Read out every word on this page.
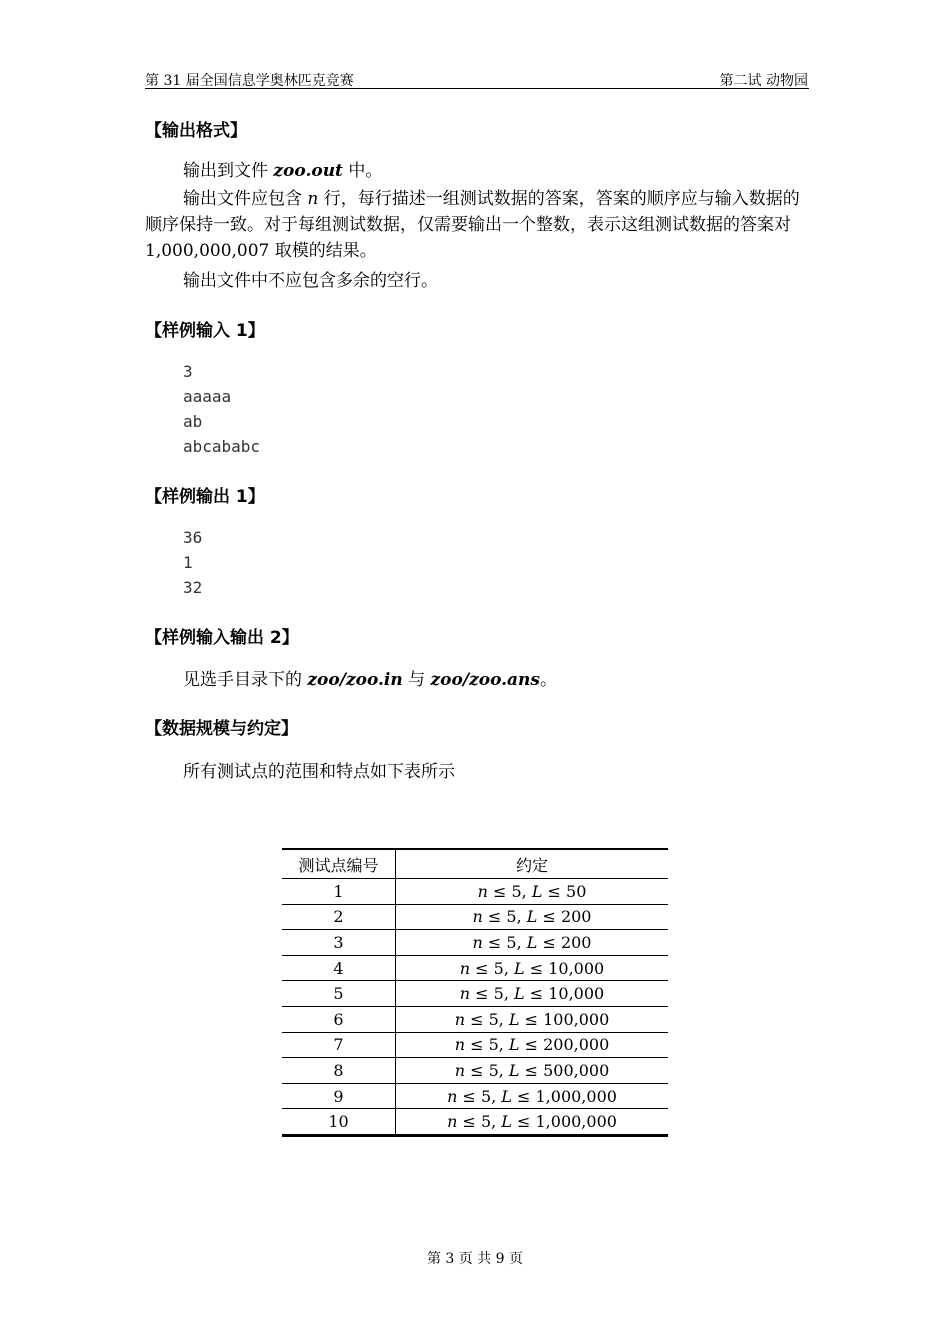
第 31 届全国信息学奥林匹克竞赛	第二试 动物园
【输出格式】
输出到文件 zoo.out 中。
输出文件应包含 𝑛 行，每行描述一组测试数据的答案，答案的顺序应与输入数据的顺序保持一致。对于每组测试数据，仅需要输出一个整数，表示这组测试数据的答案对 1,000,000,007 取模的结果。
输出文件中不应包含多余的空行。
【样例输入 1】
3
aaaaa
ab
abcababc
【样例输出 1】
36
1
32
【样例输入输出 2】
见选手目录下的 zoo/zoo.in 与 zoo/zoo.ans。
【数据规模与约定】
所有测试点的范围和特点如下表所示
测试点编号	约定
1	𝑛 ≤ 5, 𝐿 ≤ 50
2	𝑛 ≤ 5, 𝐿 ≤ 200
3	𝑛 ≤ 5, 𝐿 ≤ 200
4	𝑛 ≤ 5, 𝐿 ≤ 10,000
5	𝑛 ≤ 5, 𝐿 ≤ 10,000
6	𝑛 ≤ 5, 𝐿 ≤ 100,000
7	𝑛 ≤ 5, 𝐿 ≤ 200,000
8	𝑛 ≤ 5, 𝐿 ≤ 500,000
9	𝑛 ≤ 5, 𝐿 ≤ 1,000,000
10	𝑛 ≤ 5, 𝐿 ≤ 1,000,000
第 3 页 共 9 页
